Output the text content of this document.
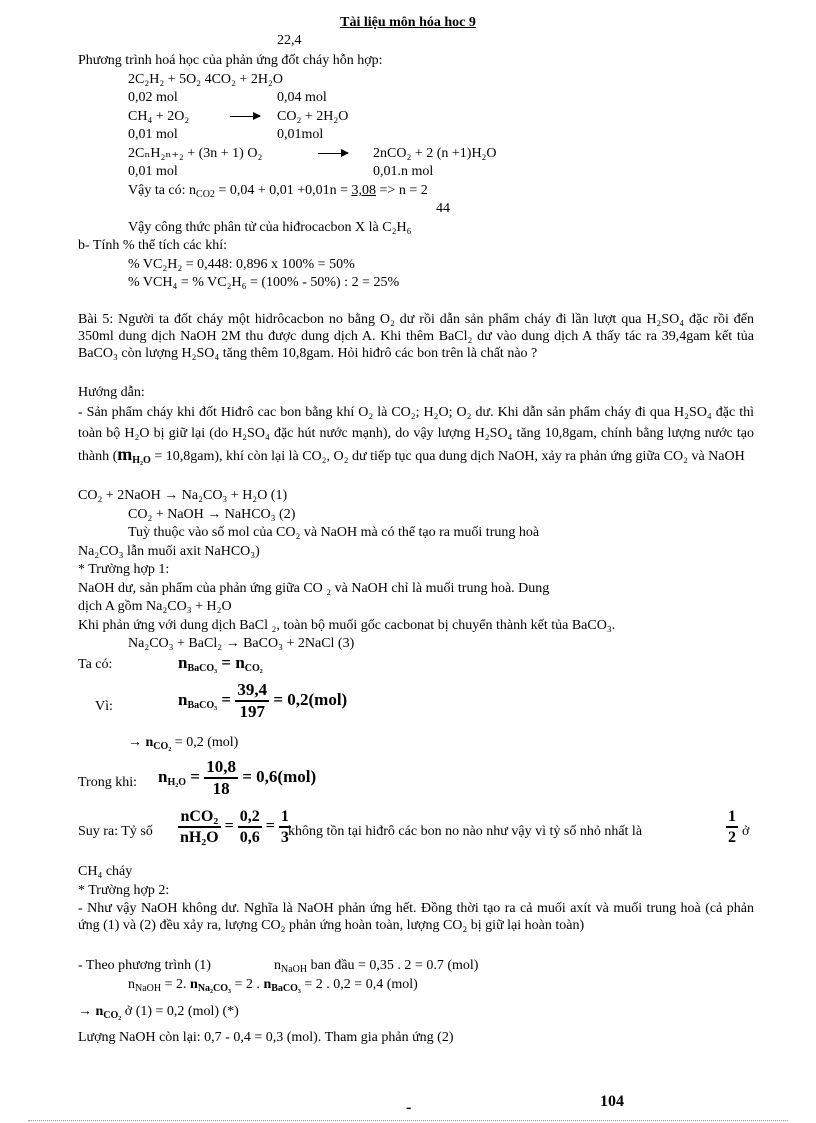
Tài liệu môn hóa hoc 9
22,4
Phương trình hoá học của phản ứng đốt cháy hỗn hợp:
2C₂H₂ + 5O₂ 4CO₂ + 2H₂O
0,02 mol	0,04 mol
CH₄ + 2O₂	CO₂ + 2H₂O
0,01 mol	0,01mol
2CₙH₂ₙ₊₂ + (3n + 1) O₂	2nCO₂ + 2 (n +1)H₂O
0,01 mol	0,01.n mol
Vậy ta có: $n_{CO2} = 0,04 + 0,01 +0,01n = 3,08 => n = 2$
44
Vậy công thức phân tử của hiđrocacbon X là C₂H₆
b- Tính % thể tích các khí:
% VC₂H₂ = 0,448: 0,896 x 100% = 50%
% VCH₄ = % VC₂H₆ = (100% - 50%) : 2 = 25%
Bài 5: Người ta đốt cháy một hidrôcacbon no bằng O₂ dư rồi dẫn sản phẩm cháy đi lần lượt qua H₂SO₄ đặc rồi đến 350ml dung dịch NaOH 2M thu được dung dịch A. Khi thêm BaCl₂ dư vào dung dịch A thấy tác ra 39,4gam kết tủa BaCO₃ còn lượng H₂SO₄ tăng thêm 10,8gam. Hỏi hiđrô các bon trên là chất nào ?
Hướng dẫn:
- Sản phẩm cháy khi đốt Hiđrô cac bon bằng khí O₂ là CO₂; H₂O; O₂ dư. Khi dẫn sản phẩm cháy đi qua H₂SO₄ đặc thì toàn bộ H₂O bị giữ lại (do H₂SO₄ đặc hút nước mạnh), do vậy lượng H₂SO₄ tăng 10,8gam, chính bằng lượng nước tạo thành $(m_{H_2O} = 10,8gam)$, khí còn lại là CO₂, O₂ dư tiếp tục qua dung dịch NaOH, xảy ra phản ứng giữa CO₂ và NaOH
CO₂ + 2NaOH → Na₂CO₃ + H₂O (1)
CO₂ + NaOH → NaHCO₃ (2)
Tuỳ thuộc vào số mol của CO₂ và NaOH mà có thể tạo ra muối trung hoà
Na₂CO₃ lẫn muối axit NaHCO₃)
* Trường hợp 1:
NaOH dư, sản phẩm của phản ứng giữa CO ₂ và NaOH chỉ là muối trung hoà. Dung
dịch A gồm Na₂CO₃ + H₂O
Khi phản ứng với dung dịch BaCl ₂, toàn bộ muối gốc cacbonat bị chuyển thành kết tủa BaCO₃.
Na₂CO₃ + BaCl₂ → BaCO₃ + 2NaCl (3)
Ta có:	$n_{BaCO_3} = n_{CO_2}$
Vì:	$n_{BaCO_3} = \frac{39,4}{197} = 0,2(mol)$
→ $n_{CO_2} = 0,2$ (mol)
Trong khi: $n_{H_2O} = \frac{10,8}{18} = 0,6(mol)$
Suy ra: Tỷ số $\frac{\text{nCO₂}}{\text{nH₂O}} = \frac{0,2}{0,6} = \frac{1}{3}$
không tồn tại hiđrô các bon no nào như vậy vì tỷ số nhỏ nhất là	$\frac{1}{2}$ ở
CH₄ cháy
* Trường hợp 2:
- Như vậy NaOH không dư. Nghĩa là NaOH phản ứng hết. Đồng thời tạo ra cả muối axít và muối trung hoà (cả phản ứng (1) và (2) đều xảy ra, lượng CO₂ phản ứng hoàn toàn, lượng CO₂ bị giữ lại hoàn toàn)
- Theo phương trình (1)	$n_{NaOH}$ ban đầu = 0,35 . 2 = 0.7 (mol)
$n_{NaOH} = 2$. $n_{Na_2CO_3} = 2$ . $n_{BaCO_3} = 2$ . 0,2 = 0,4 (mol)
→ $n_{CO_2}$ ở (1) = 0,2 (mol) (*)
Lượng NaOH còn lại: 0,7 - 0,4 = 0,3 (mol). Tham gia phản ứng (2)
-	104
